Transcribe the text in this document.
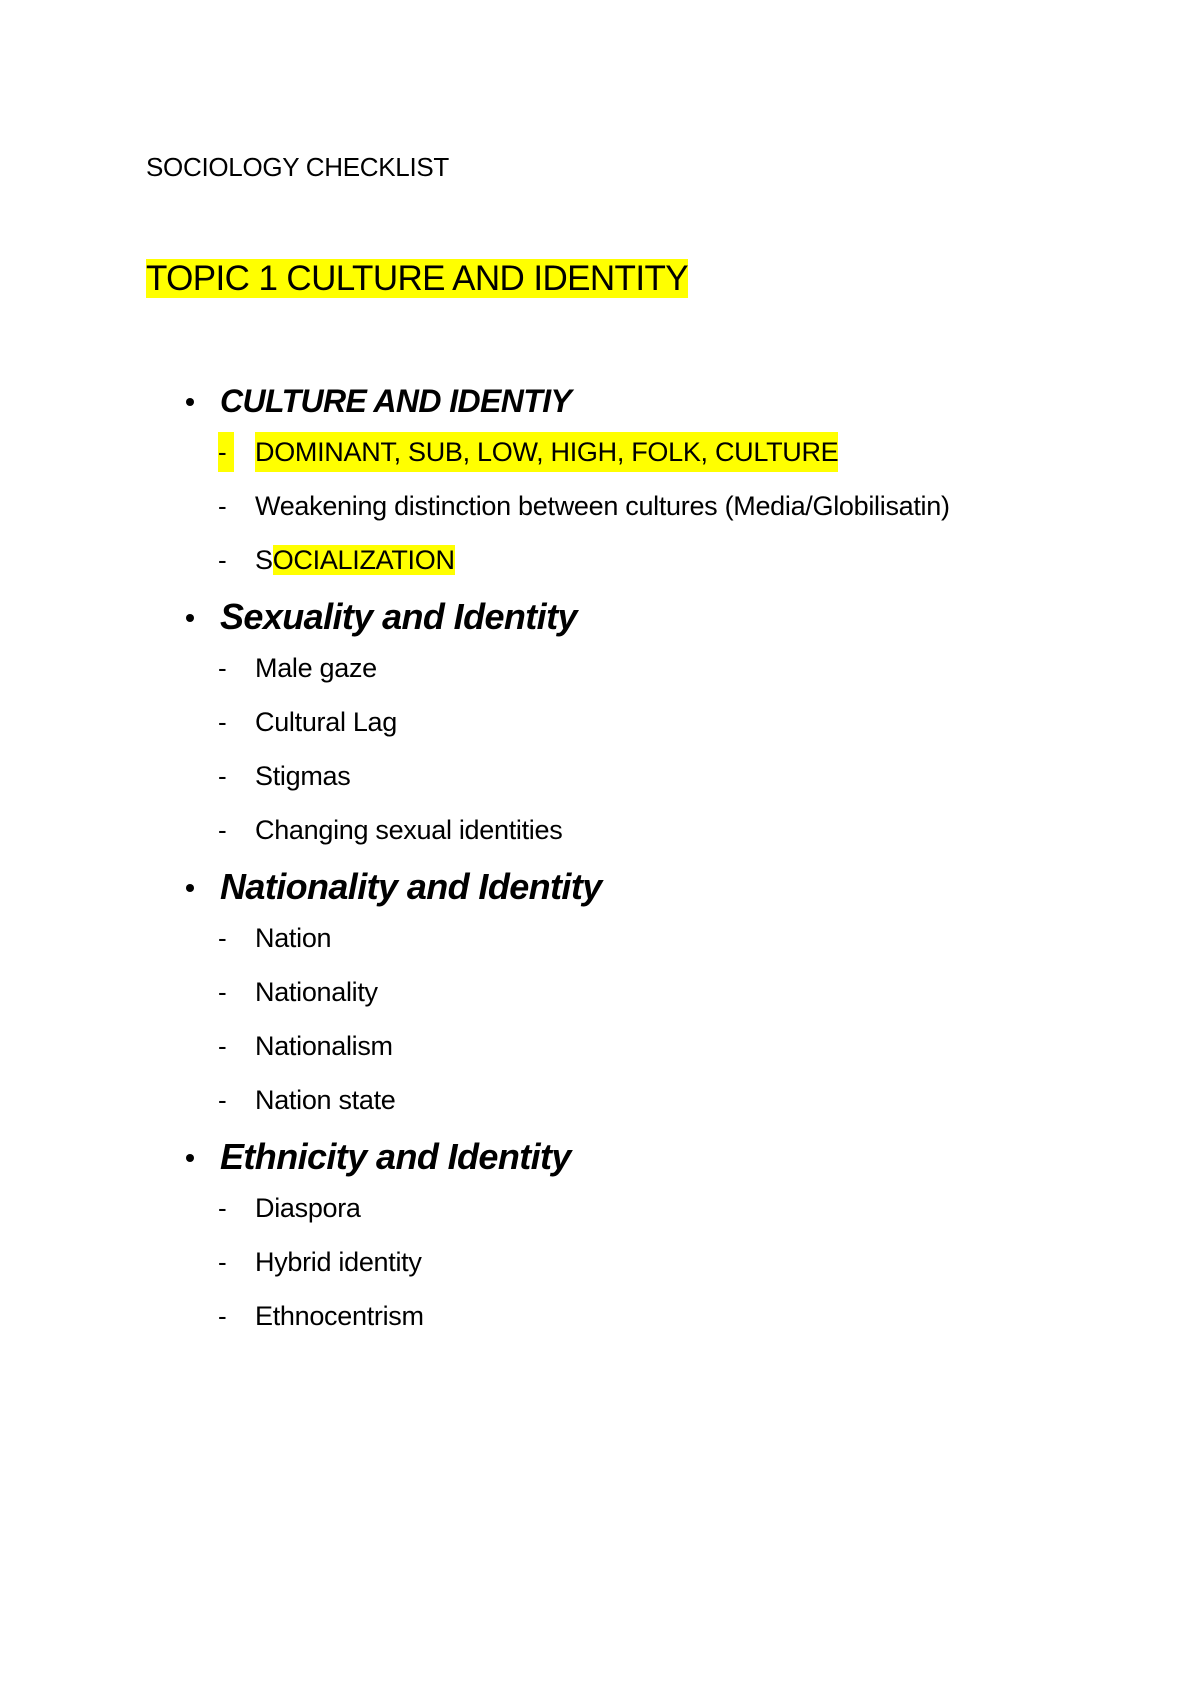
SOCIOLOGY CHECKLIST
TOPIC 1 CULTURE AND IDENTITY
CULTURE AND IDENTIY
- DOMINANT, SUB, LOW, HIGH, FOLK, CULTURE
- Weakening distinction between cultures (Media/Globilisatin)
- SOCIALIZATION
Sexuality and Identity
- Male gaze
- Cultural Lag
- Stigmas
- Changing sexual identities
Nationality and Identity
- Nation
- Nationality
- Nationalism
- Nation state
Ethnicity and Identity
- Diaspora
- Hybrid identity
- Ethnocentrism
